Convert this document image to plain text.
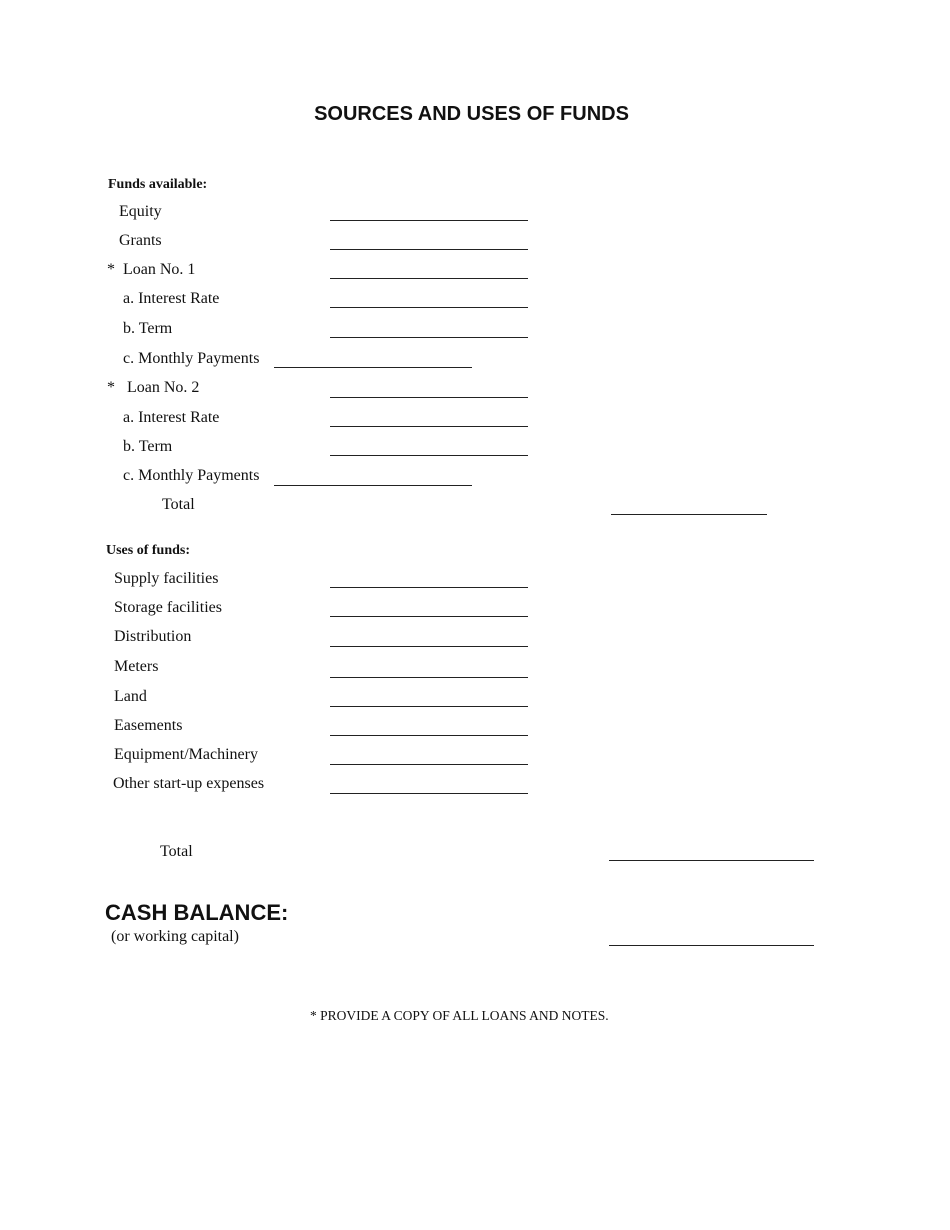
SOURCES AND USES OF FUNDS
Funds available:
Equity
Grants
* Loan No. 1
a. Interest Rate
b. Term
c. Monthly Payments
* Loan No. 2
a. Interest Rate
b. Term
c. Monthly Payments
Total
Uses of funds:
Supply facilities
Storage facilities
Distribution
Meters
Land
Easements
Equipment/Machinery
Other start-up expenses
Total
CASH BALANCE:
(or working capital)
* PROVIDE A COPY OF ALL LOANS AND NOTES.
